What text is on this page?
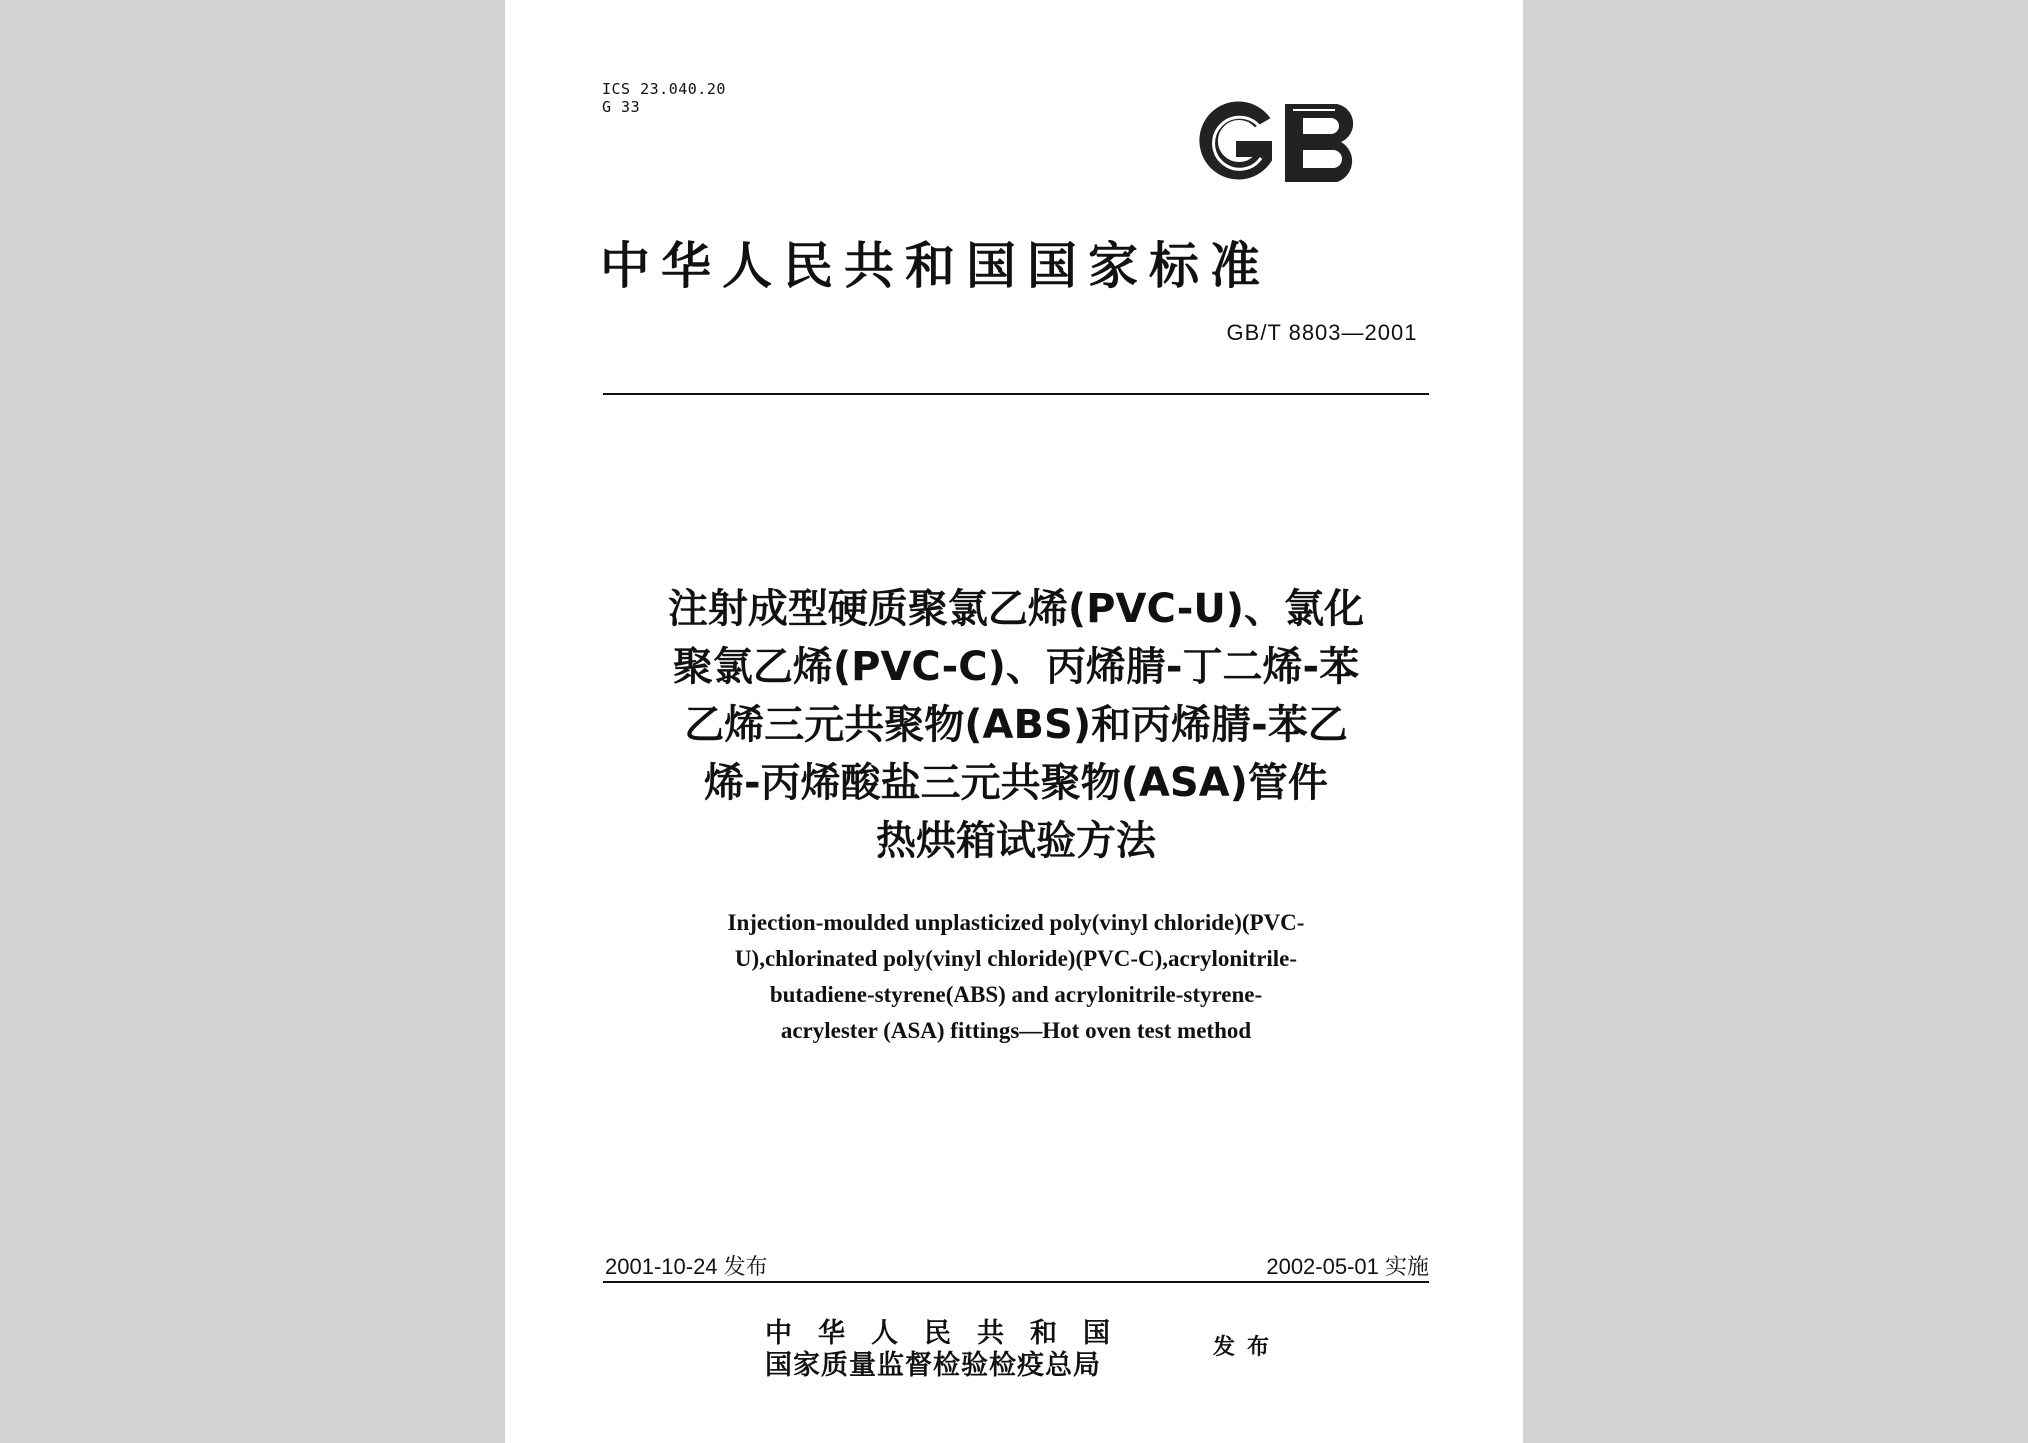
ICS 23.040.20
G 33
中华人民共和国国家标准
GB/T 8803—2001
注射成型硬质聚氯乙烯(PVC-U)、氯化
聚氯乙烯(PVC-C)、丙烯腈-丁二烯-苯
乙烯三元共聚物(ABS)和丙烯腈-苯乙
烯-丙烯酸盐三元共聚物(ASA)管件
热烘箱试验方法
Injection-moulded unplasticized poly(vinyl chloride)(PVC-
U),chlorinated poly(vinyl chloride)(PVC-C),acrylonitrile-
butadiene-styrene(ABS) and acrylonitrile-styrene-
acrylester (ASA) fittings—Hot oven test method
2001-10-24 发布	2002-05-01 实施
中华人民共和国
国家质量监督检验检疫总局
发布
